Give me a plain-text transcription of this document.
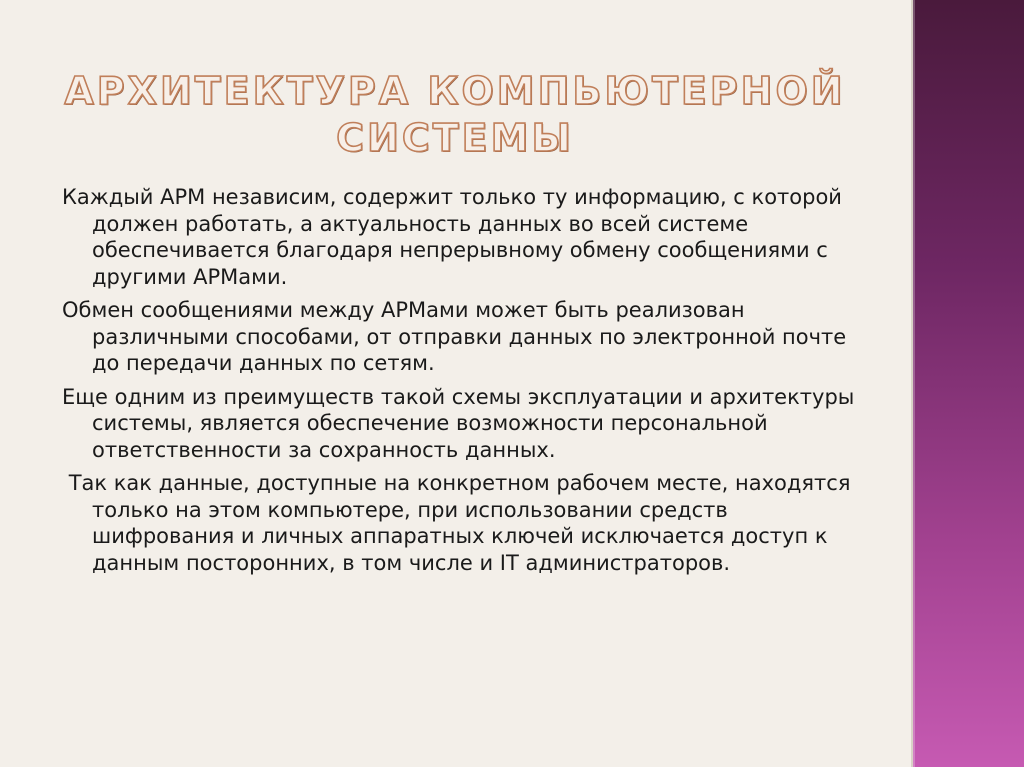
АРХИТЕКТУРА КОМПЬЮТЕРНОЙ
СИСТЕМЫ

Каждый АРМ независим, содержит только ту информацию, с которой должен работать, а актуальность данных во всей системе обеспечивается благодаря непрерывному обмену сообщениями с другими АРМами.

Обмен сообщениями между АРМами может быть реализован различными способами, от отправки данных по электронной почте до передачи данных по сетям.

Еще одним из преимуществ такой схемы эксплуатации и архитектуры системы, является обеспечение возможности персональной ответственности за сохранность данных.

Так как данные, доступные на конкретном рабочем месте, находятся только на этом компьютере, при использовании средств шифрования и личных аппаратных ключей исключается доступ к данным посторонних, в том числе и IT администраторов.
